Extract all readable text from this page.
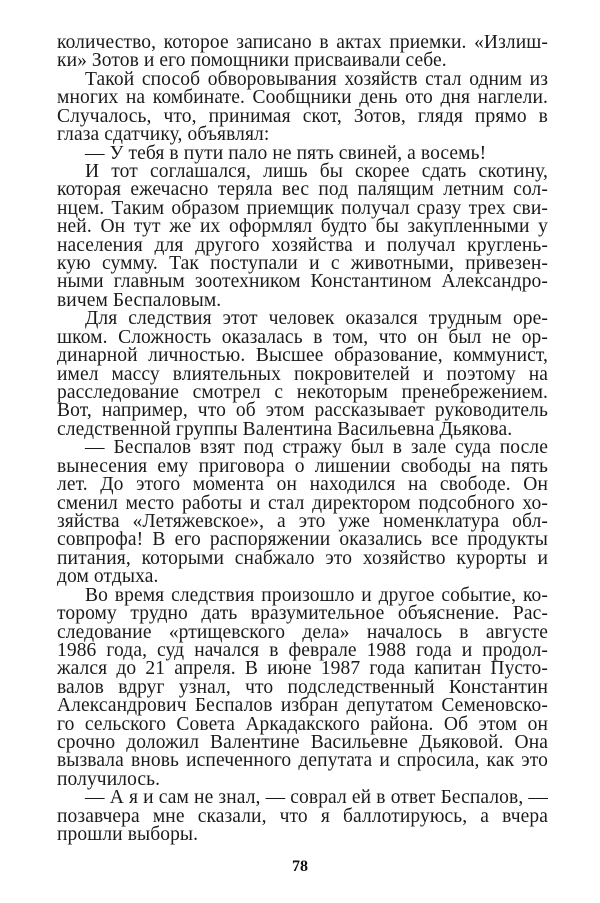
количество, которое записано в актах приемки. «Излиш-
ки» Зотов и его помощники присваивали себе.
Такой способ обворовывания хозяйств стал одним из
многих на комбинате. Сообщники день ото дня наглели.
Случалось, что, принимая скот, Зотов, глядя прямо в
глаза сдатчику, объявлял:
— У тебя в пути пало не пять свиней, а восемь!
И тот соглашался, лишь бы скорее сдать скотину,
которая ежечасно теряла вес под палящим летним сол-
нцем. Таким образом приемщик получал сразу трех сви-
ней. Он тут же их оформлял будто бы закупленными у
населения для другого хозяйства и получал круглень-
кую сумму. Так поступали и с животными, привезен-
ными главным зоотехником Константином Александро-
вичем Беспаловым.
Для следствия этот человек оказался трудным оре-
шком. Сложность оказалась в том, что он был не ор-
динарной личностью. Высшее образование, коммунист,
имел массу влиятельных покровителей и поэтому на
расследование смотрел с некоторым пренебрежением.
Вот, например, что об этом рассказывает руководитель
следственной группы Валентина Васильевна Дьякова.
— Беспалов взят под стражу был в зале суда после
вынесения ему приговора о лишении свободы на пять
лет. До этого момента он находился на свободе. Он
сменил место работы и стал директором подсобного хо-
зяйства «Летяжевское», а это уже номенклатура обл-
совпрофа! В его распоряжении оказались все продукты
питания, которыми снабжало это хозяйство курорты и
дом отдыха.
Во время следствия произошло и другое событие, ко-
торому трудно дать вразумительное объяснение. Рас-
следование «ртищевского дела» началось в августе
1986 года, суд начался в феврале 1988 года и продол-
жался до 21 апреля. В июне 1987 года капитан Пусто-
валов вдруг узнал, что подследственный Константин
Александрович Беспалов избран депутатом Семеновско-
го сельского Совета Аркадакского района. Об этом он
срочно доложил Валентине Васильевне Дьяковой. Она
вызвала вновь испеченного депутата и спросила, как это
получилось.
— А я и сам не знал, — соврал ей в ответ Беспалов, —
позавчера мне сказали, что я баллотируюсь, а вчера
прошли выборы.
78
